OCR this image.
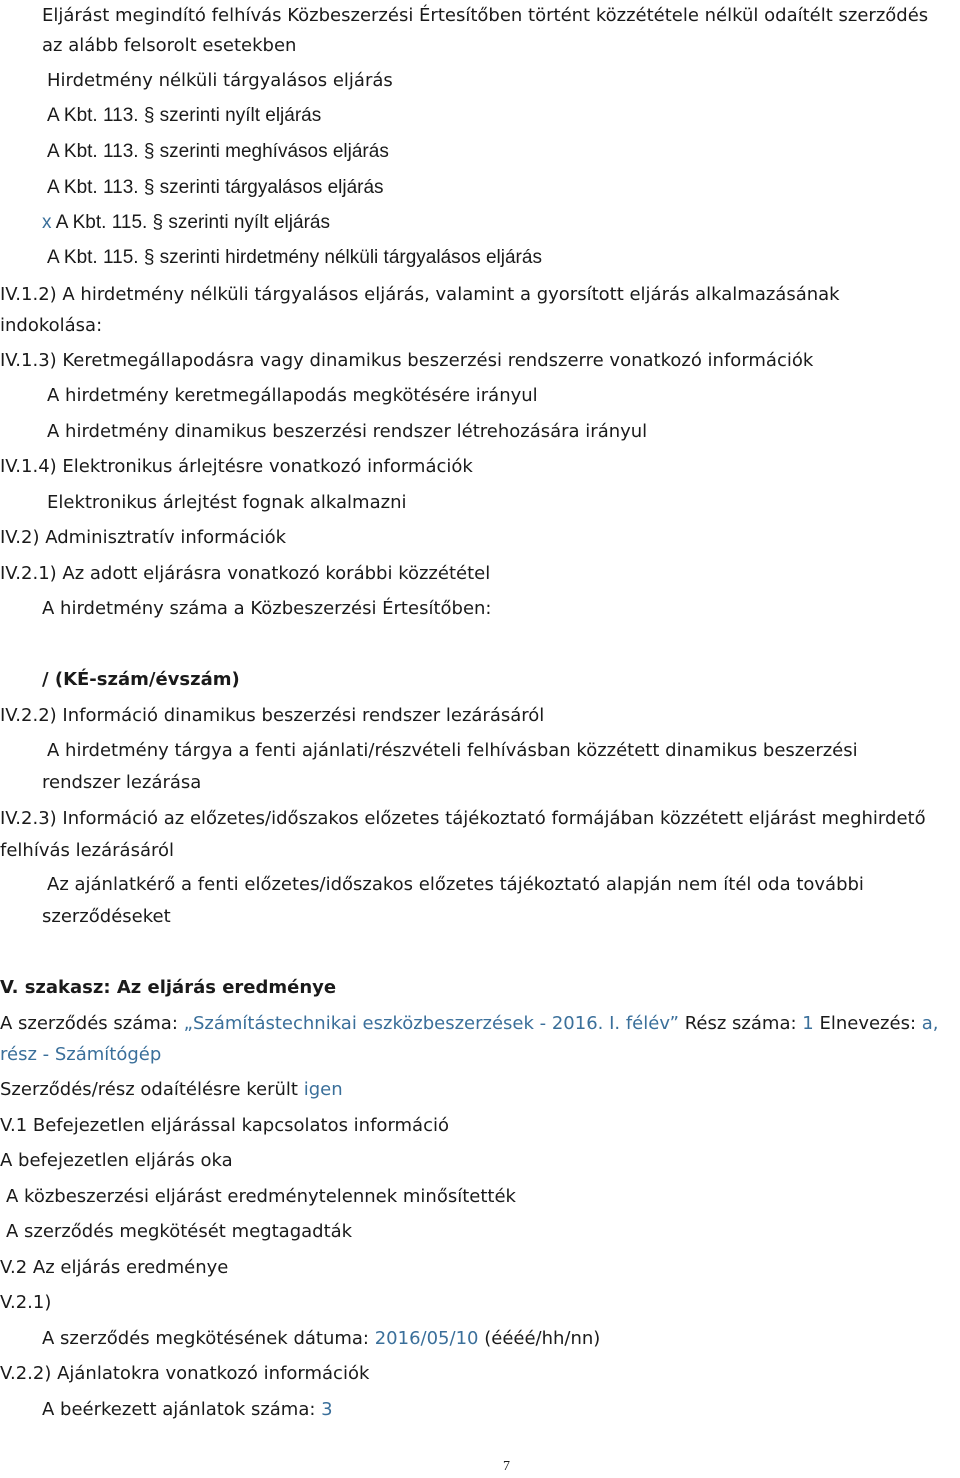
Eljárást megindító felhívás Közbeszerzési Értesítőben történt közzététele nélkül odaítélt szerződés
az alább felsorolt esetekben
Hirdetmény nélküli tárgyalásos eljárás
A Kbt. 113. § szerinti nyílt eljárás
A Kbt. 113. § szerinti meghívásos eljárás
A Kbt. 113. § szerinti tárgyalásos eljárás
x A Kbt. 115. § szerinti nyílt eljárás
A Kbt. 115. § szerinti hirdetmény nélküli tárgyalásos eljárás
IV.1.2) A hirdetmény nélküli tárgyalásos eljárás, valamint a gyorsított eljárás alkalmazásának
indokolása:
IV.1.3) Keretmegállapodásra vagy dinamikus beszerzési rendszerre vonatkozó információk
A hirdetmény keretmegállapodás megkötésére irányul
A hirdetmény dinamikus beszerzési rendszer létrehozására irányul
IV.1.4) Elektronikus árlejtésre vonatkozó információk
Elektronikus árlejtést fognak alkalmazni
IV.2) Adminisztratív információk
IV.2.1) Az adott eljárásra vonatkozó korábbi közzététel
A hirdetmény száma a Közbeszerzési Értesítőben:
/ (KÉ-szám/évszám)
IV.2.2) Információ dinamikus beszerzési rendszer lezárásáról
A hirdetmény tárgya a fenti ajánlati/részvételi felhívásban közzétett dinamikus beszerzési
rendszer lezárása
IV.2.3) Információ az előzetes/időszakos előzetes tájékoztató formájában közzétett eljárást meghirdető
felhívás lezárásáról
Az ajánlatkérő a fenti előzetes/időszakos előzetes tájékoztató alapján nem ítél oda további
szerződéseket
V. szakasz: Az eljárás eredménye
A szerződés száma: „Számítástechnikai eszközbeszerzések - 2016. I. félév” Rész száma: 1 Elnevezés: a,
rész - Számítógép
Szerződés/rész odaítélésre került igen
V.1 Befejezetlen eljárással kapcsolatos információ
A befejezetlen eljárás oka
A közbeszerzési eljárást eredménytelennek minősítették
A szerződés megkötését megtagadták
V.2 Az eljárás eredménye
V.2.1)
A szerződés megkötésének dátuma: 2016/05/10 (éééé/hh/nn)
V.2.2) Ajánlatokra vonatkozó információk
A beérkezett ajánlatok száma: 3
7
